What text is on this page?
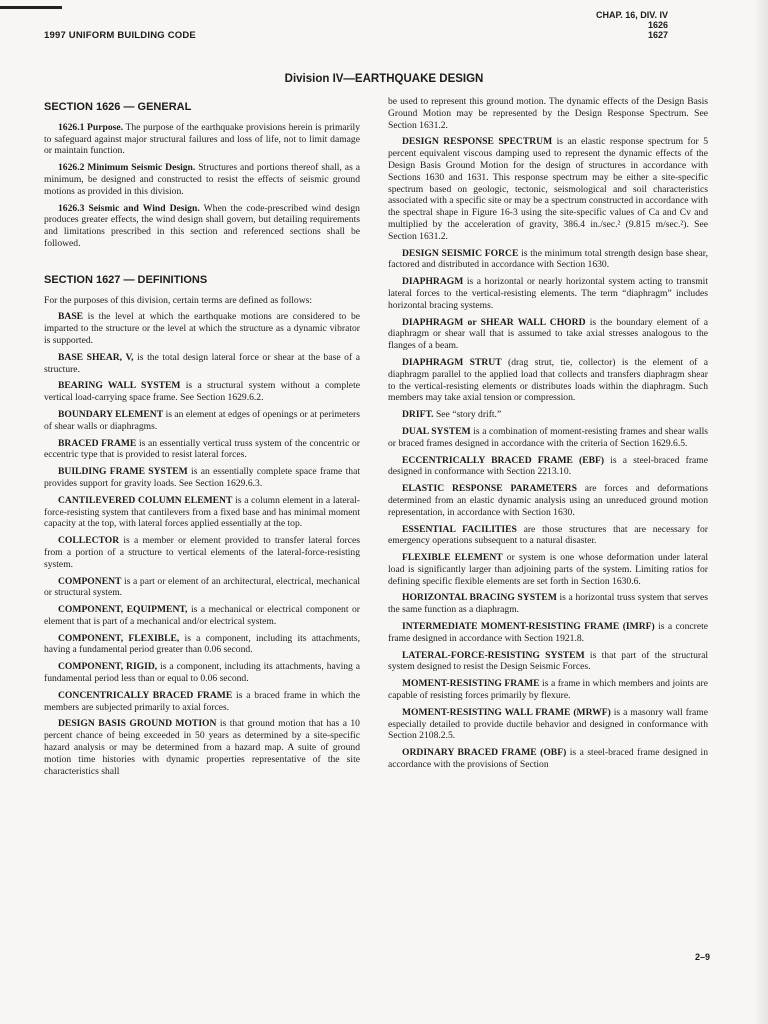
1997 UNIFORM BUILDING CODE
CHAP. 16, DIV. IV
1626
1627
Division IV—EARTHQUAKE DESIGN
SECTION 1626 — GENERAL

1626.1 Purpose. The purpose of the earthquake provisions herein is primarily to safeguard against major structural failures and loss of life, not to limit damage or maintain function.

1626.2 Minimum Seismic Design. Structures and portions thereof shall, as a minimum, be designed and constructed to resist the effects of seismic ground motions as provided in this division.

1626.3 Seismic and Wind Design. When the code-prescribed wind design produces greater effects, the wind design shall govern, but detailing requirements and limitations prescribed in this section and referenced sections shall be followed.

SECTION 1627 — DEFINITIONS

For the purposes of this division, certain terms are defined as follows:

BASE is the level at which the earthquake motions are considered to be imparted to the structure or the level at which the structure as a dynamic vibrator is supported.

BASE SHEAR, V, is the total design lateral force or shear at the base of a structure.

BEARING WALL SYSTEM is a structural system without a complete vertical load-carrying space frame. See Section 1629.6.2.

BOUNDARY ELEMENT is an element at edges of openings or at perimeters of shear walls or diaphragms.

BRACED FRAME is an essentially vertical truss system of the concentric or eccentric type that is provided to resist lateral forces.

BUILDING FRAME SYSTEM is an essentially complete space frame that provides support for gravity loads. See Section 1629.6.3.

CANTILEVERED COLUMN ELEMENT is a column element in a lateral-force-resisting system that cantilevers from a fixed base and has minimal moment capacity at the top, with lateral forces applied essentially at the top.

COLLECTOR is a member or element provided to transfer lateral forces from a portion of a structure to vertical elements of the lateral-force-resisting system.

COMPONENT is a part or element of an architectural, electrical, mechanical or structural system.

COMPONENT, EQUIPMENT, is a mechanical or electrical component or element that is part of a mechanical and/or electrical system.

COMPONENT, FLEXIBLE, is a component, including its attachments, having a fundamental period greater than 0.06 second.

COMPONENT, RIGID, is a component, including its attachments, having a fundamental period less than or equal to 0.06 second.

CONCENTRICALLY BRACED FRAME is a braced frame in which the members are subjected primarily to axial forces.

DESIGN BASIS GROUND MOTION is that ground motion that has a 10 percent chance of being exceeded in 50 years as determined by a site-specific hazard analysis or may be determined from a hazard map. A suite of ground motion time histories with dynamic properties representative of the site characteristics shall

be used to represent this ground motion. The dynamic effects of the Design Basis Ground Motion may be represented by the Design Response Spectrum. See Section 1631.2.

DESIGN RESPONSE SPECTRUM is an elastic response spectrum for 5 percent equivalent viscous damping used to represent the dynamic effects of the Design Basis Ground Motion for the design of structures in accordance with Sections 1630 and 1631. This response spectrum may be either a site-specific spectrum based on geologic, tectonic, seismological and soil characteristics associated with a specific site or may be a spectrum constructed in accordance with the spectral shape in Figure 16-3 using the site-specific values of Ca and Cv and multiplied by the acceleration of gravity, 386.4 in./sec.² (9.815 m/sec.²). See Section 1631.2.

DESIGN SEISMIC FORCE is the minimum total strength design base shear, factored and distributed in accordance with Section 1630.

DIAPHRAGM is a horizontal or nearly horizontal system acting to transmit lateral forces to the vertical-resisting elements. The term “diaphragm” includes horizontal bracing systems.

DIAPHRAGM or SHEAR WALL CHORD is the boundary element of a diaphragm or shear wall that is assumed to take axial stresses analogous to the flanges of a beam.

DIAPHRAGM STRUT (drag strut, tie, collector) is the element of a diaphragm parallel to the applied load that collects and transfers diaphragm shear to the vertical-resisting elements or distributes loads within the diaphragm. Such members may take axial tension or compression.

DRIFT. See “story drift.”

DUAL SYSTEM is a combination of moment-resisting frames and shear walls or braced frames designed in accordance with the criteria of Section 1629.6.5.

ECCENTRICALLY BRACED FRAME (EBF) is a steel-braced frame designed in conformance with Section 2213.10.

ELASTIC RESPONSE PARAMETERS are forces and deformations determined from an elastic dynamic analysis using an unreduced ground motion representation, in accordance with Section 1630.

ESSENTIAL FACILITIES are those structures that are necessary for emergency operations subsequent to a natural disaster.

FLEXIBLE ELEMENT or system is one whose deformation under lateral load is significantly larger than adjoining parts of the system. Limiting ratios for defining specific flexible elements are set forth in Section 1630.6.

HORIZONTAL BRACING SYSTEM is a horizontal truss system that serves the same function as a diaphragm.

INTERMEDIATE MOMENT-RESISTING FRAME (IMRF) is a concrete frame designed in accordance with Section 1921.8.

LATERAL-FORCE-RESISTING SYSTEM is that part of the structural system designed to resist the Design Seismic Forces.

MOMENT-RESISTING FRAME is a frame in which members and joints are capable of resisting forces primarily by flexure.

MOMENT-RESISTING WALL FRAME (MRWF) is a masonry wall frame especially detailed to provide ductile behavior and designed in conformance with Section 2108.2.5.

ORDINARY BRACED FRAME (OBF) is a steel-braced frame designed in accordance with the provisions of Section

2–9
